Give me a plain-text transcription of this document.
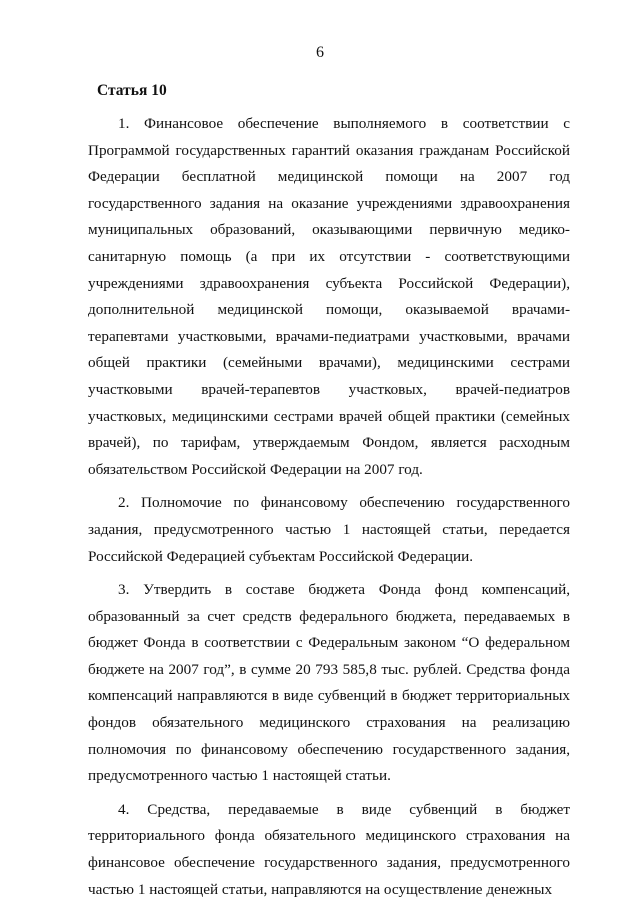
6
Статья 10

1. Финансовое обеспечение выполняемого в соответствии с Программой государственных гарантий оказания гражданам Российской Федерации бесплатной медицинской помощи на 2007 год государственного задания на оказание учреждениями здравоохранения муниципальных образований, оказывающими первичную медико-санитарную помощь (а при их отсутствии - соответствующими учреждениями здравоохранения субъекта Российской Федерации), дополнительной медицинской помощи, оказываемой врачами-терапевтами участковыми, врачами-педиатрами участковыми, врачами общей практики (семейными врачами), медицинскими сестрами участковыми врачей-терапевтов участковых, врачей-педиатров участковых, медицинскими сестрами врачей общей практики (семейных врачей), по тарифам, утверждаемым Фондом, является расходным обязательством Российской Федерации на 2007 год.

2. Полномочие по финансовому обеспечению государственного задания, предусмотренного частью 1 настоящей статьи, передается Российской Федерацией субъектам Российской Федерации.

3. Утвердить в составе бюджета Фонда фонд компенсаций, образованный за счет средств федерального бюджета, передаваемых в бюджет Фонда в соответствии с Федеральным законом “О федеральном бюджете на 2007 год”, в сумме 20 793 585,8 тыс. рублей. Средства фонда компенсаций направляются в виде субвенций в бюджет территориальных фондов обязательного медицинского страхования на реализацию полномочия по финансовому обеспечению государственного задания, предусмотренного частью 1 настоящей статьи.

4. Средства, передаваемые в виде субвенций в бюджет территориального фонда обязательного медицинского страхования на финансовое обеспечение государственного задания, предусмотренного частью 1 настоящей статьи, направляются на осуществление денежных
